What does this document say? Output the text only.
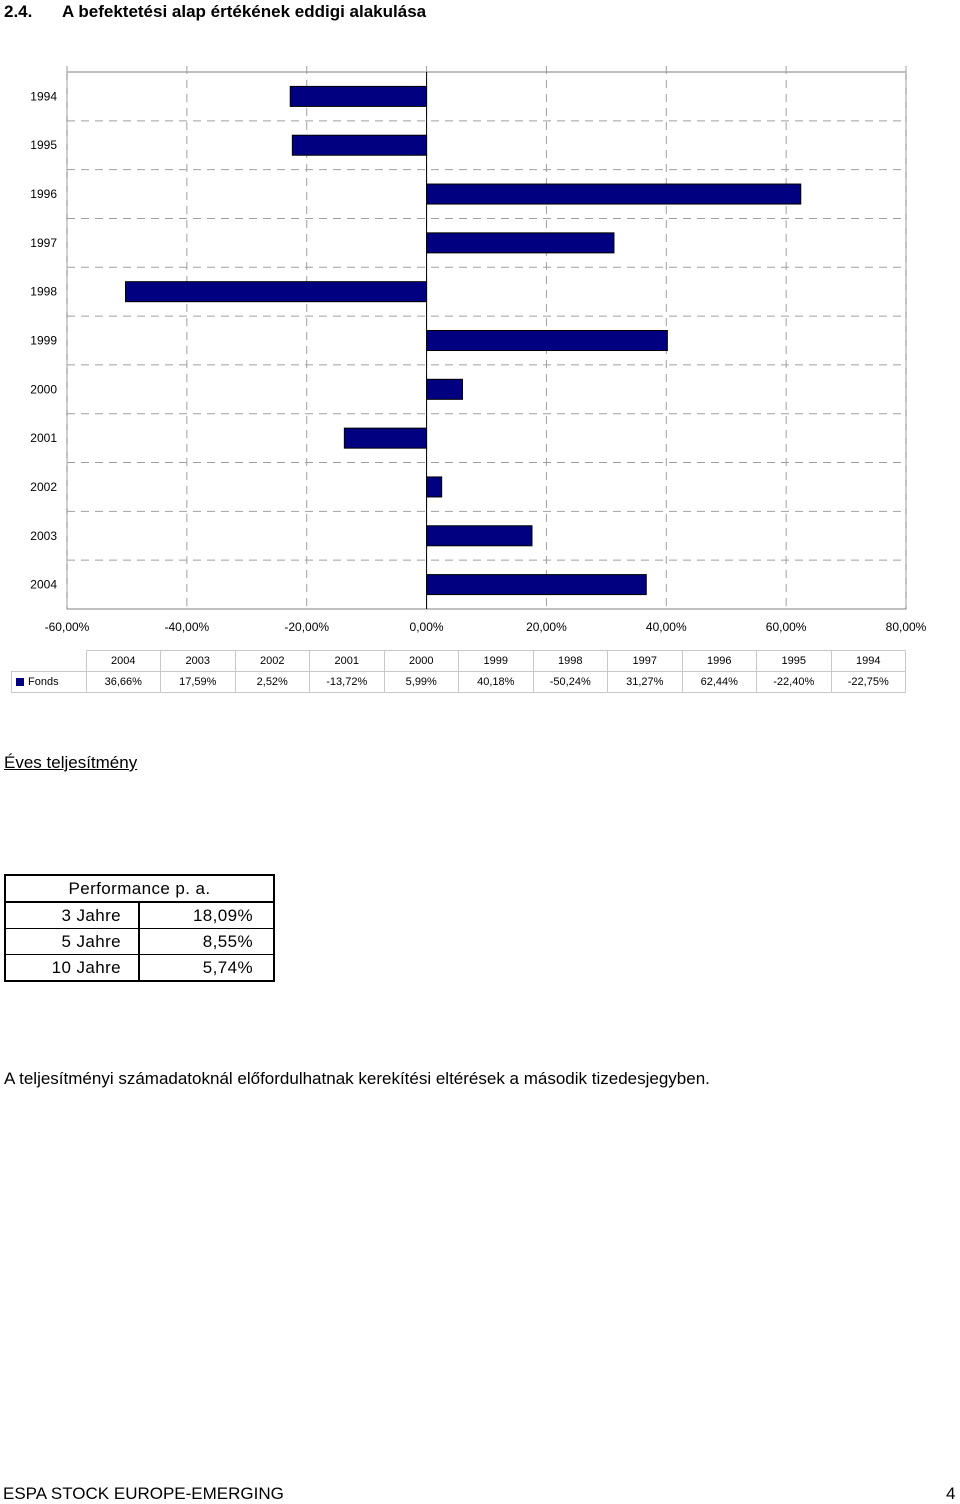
2.4. A befektetési alap értékének eddigi alakulása
1994
1995
1996
1997
1998
1999
2000
2001
2002
2003
2004
-60,00%	-40,00%	-20,00%	0,00%	20,00%	40,00%	60,00%	80,00%
	2004	2003	2002	2001	2000	1999	1998	1997	1996	1995	1994
Fonds	36,66%	17,59%	2,52%	-13,72%	5,99%	40,18%	-50,24%	31,27%	62,44%	-22,40%	-22,75%
Éves teljesítmény
Performance p. a.	
3 Jahre	18,09%
5 Jahre	8,55%
10 Jahre	5,74%

A teljesítményi számadatoknál előfordulhatnak kerekítési eltérések a második tizedesjegyben.

ESPA STOCK EUROPE-EMERGING	4
